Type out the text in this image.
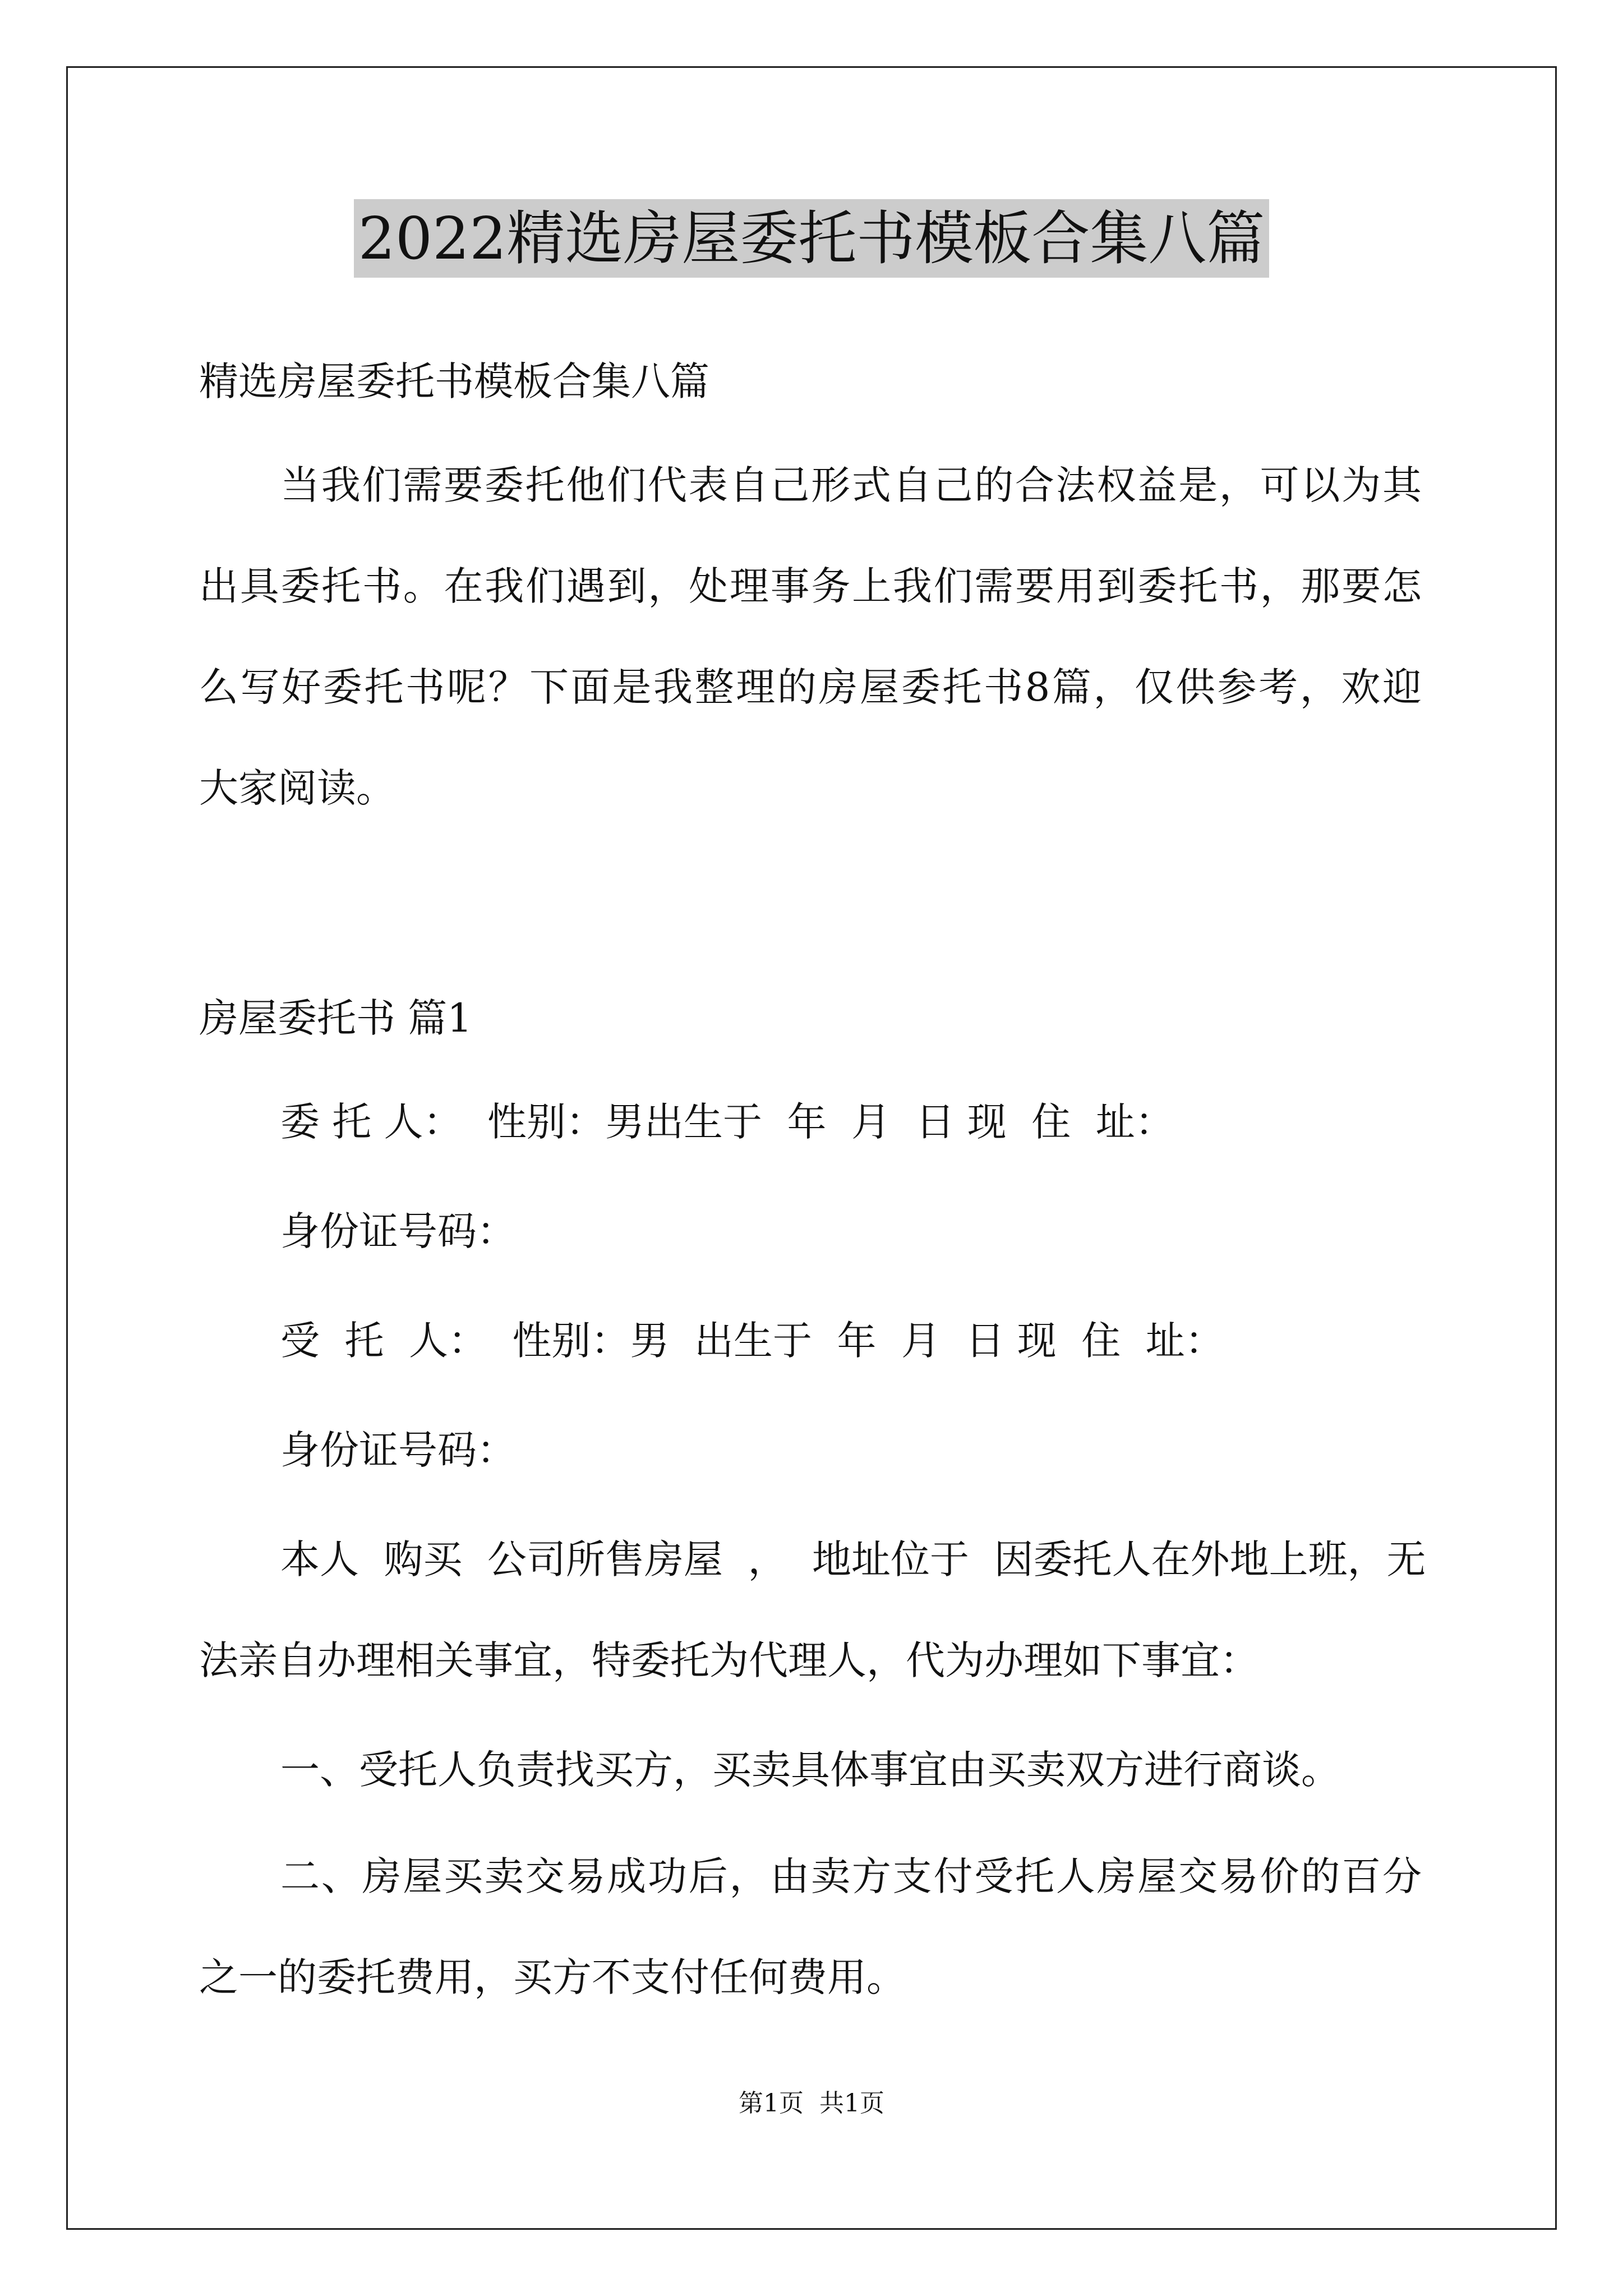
2022精选房屋委托书模板合集八篇
精选房屋委托书模板合集八篇
当我们需要委托他们代表自己形式自己的合法权益是，可以为其
出具委托书。在我们遇到，处理事务上我们需要用到委托书，那要怎
么写好委托书呢？下面是我整理的房屋委托书8篇，仅供参考，欢迎
大家阅读。
房屋委托书 篇1
委 托 人：  性别：男出生于  年  月  日 现  住  址：
身份证号码：
受  托  人：  性别：男  出生于  年  月  日 现  住  址：
身份证号码：
本人  购买  公司所售房屋  ，  地址位于  因委托人在外地上班，无
法亲自办理相关事宜，特委托为代理人，代为办理如下事宜：
一、受托人负责找买方，买卖具体事宜由买卖双方进行商谈。
二、房屋买卖交易成功后，由卖方支付受托人房屋交易价的百分
之一的委托费用，买方不支付任何费用。
第1页 共1页
